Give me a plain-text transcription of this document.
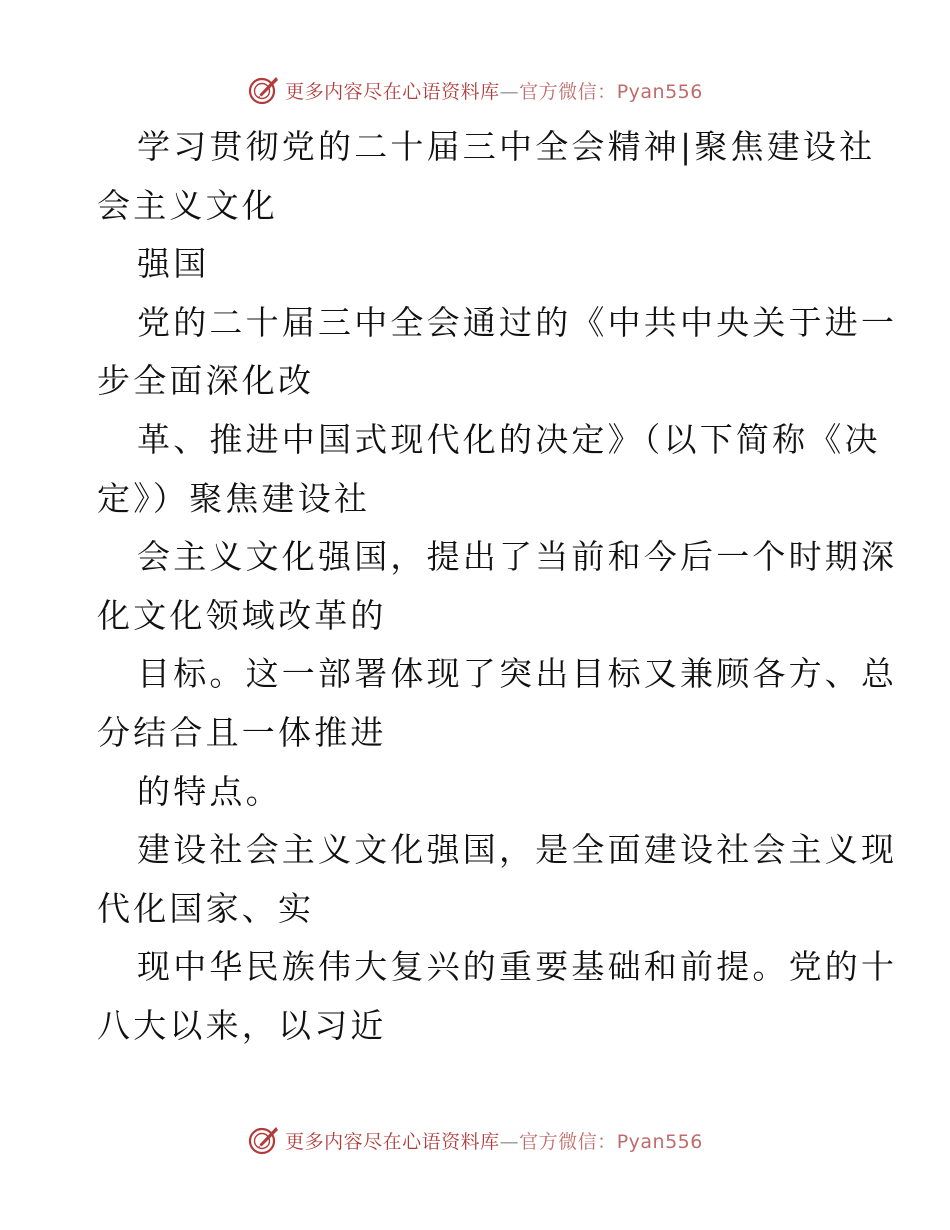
更多内容尽在心语资料库—官方微信：Pyan556
学习贯彻党的二十届三中全会精神|聚焦建设社
会主义文化
强国
党的二十届三中全会通过的《中共中央关于进一
步全面深化改
革、推进中国式现代化的决定》（以下简称《决
定》）聚焦建设社
会主义文化强国，提出了当前和今后一个时期深
化文化领域改革的
目标。这一部署体现了突出目标又兼顾各方、总
分结合且一体推进
的特点。
建设社会主义文化强国，是全面建设社会主义现
代化国家、实
现中华民族伟大复兴的重要基础和前提。党的十
八大以来，以习近
更多内容尽在心语资料库—官方微信：Pyan556
